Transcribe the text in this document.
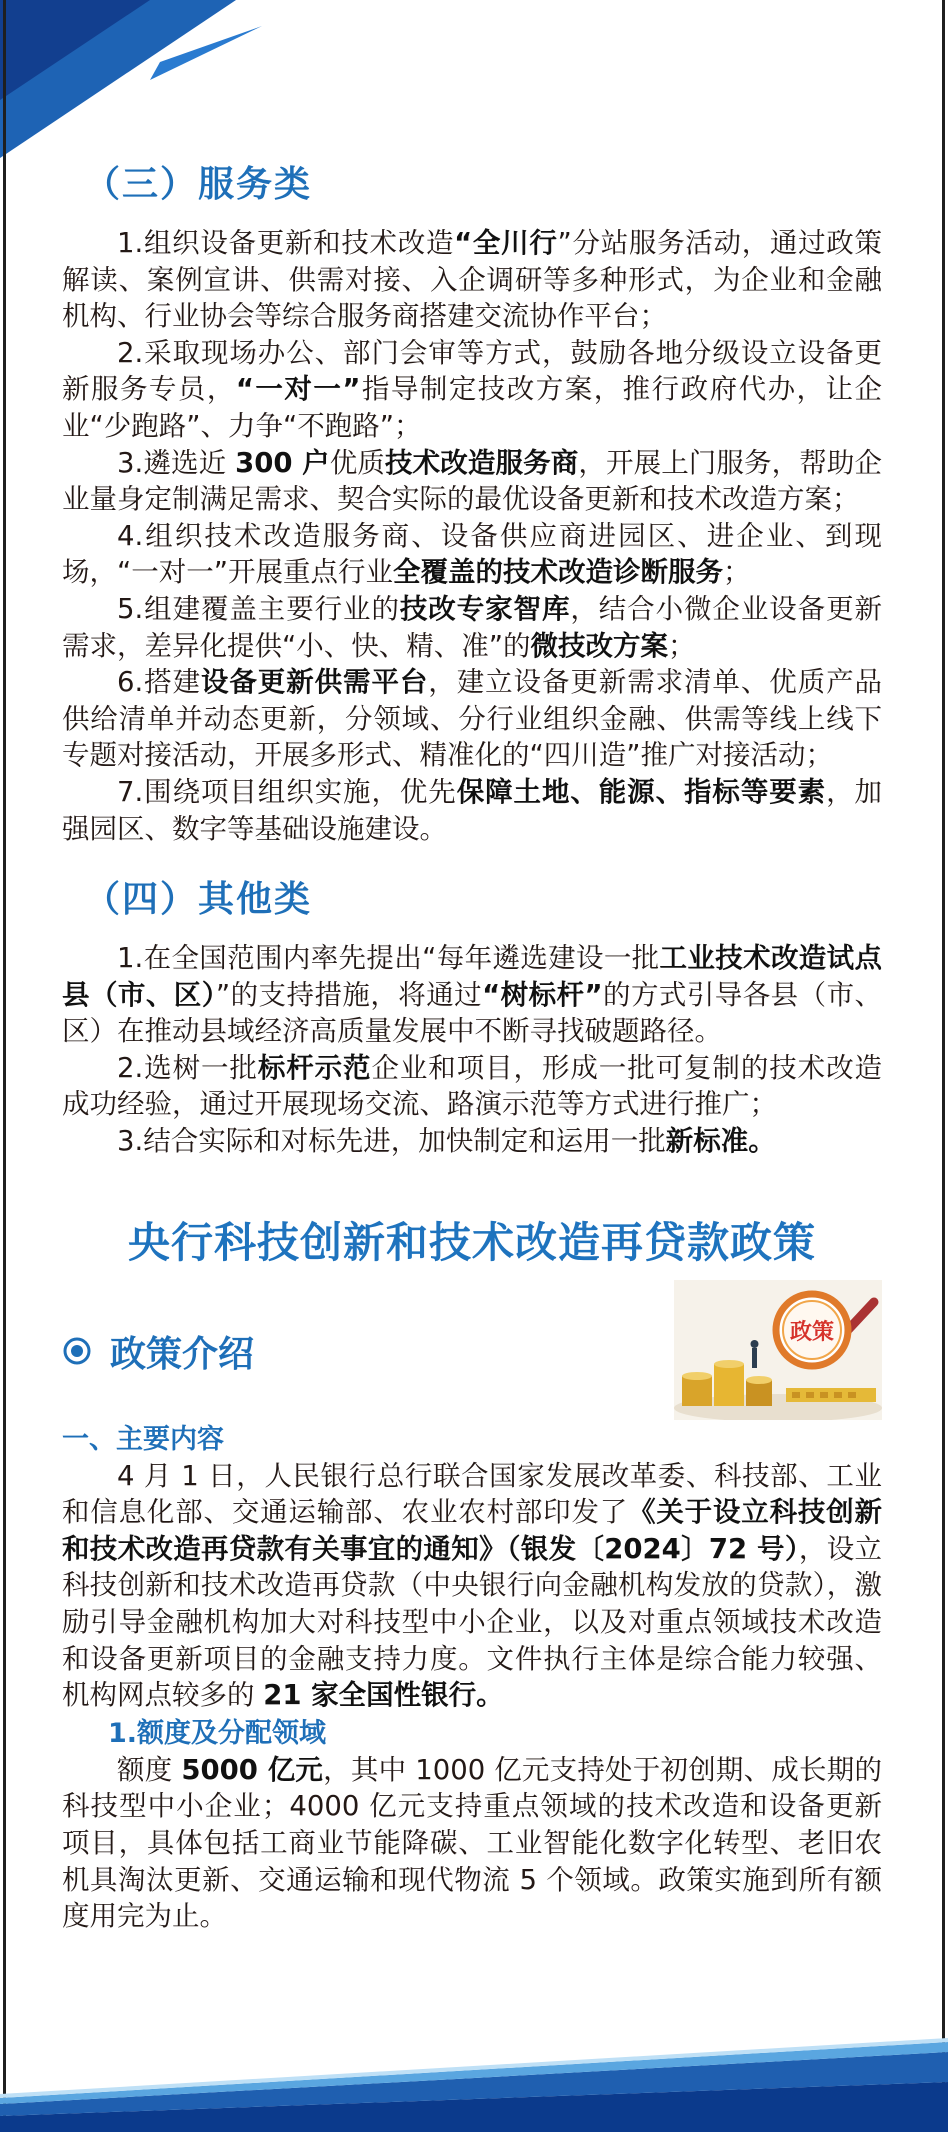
（三）服务类

1.组织设备更新和技术改造“全川行”分站服务活动，通过政策解读、案例宣讲、供需对接、入企调研等多种形式，为企业和金融机构、行业协会等综合服务商搭建交流协作平台；

2.采取现场办公、部门会审等方式，鼓励各地分级设立设备更新服务专员，“一对一”指导制定技改方案，推行政府代办，让企业“少跑路”、力争“不跑路”；

3.遴选近 300 户优质技术改造服务商，开展上门服务，帮助企业量身定制满足需求、契合实际的最优设备更新和技术改造方案；

4.组织技术改造服务商、设备供应商进园区、进企业、到现场，“一对一”开展重点行业全覆盖的技术改造诊断服务；

5.组建覆盖主要行业的技改专家智库，结合小微企业设备更新需求，差异化提供“小、快、精、准”的微技改方案；

6.搭建设备更新供需平台，建立设备更新需求清单、优质产品供给清单并动态更新，分领域、分行业组织金融、供需等线上线下专题对接活动，开展多形式、精准化的“四川造”推广对接活动；

7.围绕项目组织实施，优先保障土地、能源、指标等要素，加强园区、数字等基础设施建设。

（四）其他类

1.在全国范围内率先提出“每年遴选建设一批工业技术改造试点县（市、区）”的支持措施，将通过“树标杆”的方式引导各县（市、区）在推动县域经济高质量发展中不断寻找破题路径。

2.选树一批标杆示范企业和项目，形成一批可复制的技术改造成功经验，通过开展现场交流、路演示范等方式进行推广；

3.结合实际和对标先进，加快制定和运用一批新标准。

央行科技创新和技术改造再贷款政策
政策介绍
政策
一、主要内容

4 月 1 日，人民银行总行联合国家发展改革委、科技部、工业和信息化部、交通运输部、农业农村部印发了《关于设立科技创新和技术改造再贷款有关事宜的通知》（银发〔2024〕72 号），设立科技创新和技术改造再贷款（中央银行向金融机构发放的贷款），激励引导金融机构加大对科技型中小企业，以及对重点领域技术改造和设备更新项目的金融支持力度。文件执行主体是综合能力较强、机构网点较多的 21 家全国性银行。

1.额度及分配领域

额度 5000 亿元，其中 1000 亿元支持处于初创期、成长期的科技型中小企业；4000 亿元支持重点领域的技术改造和设备更新项目，具体包括工商业节能降碳、工业智能化数字化转型、老旧农机具淘汰更新、交通运输和现代物流 5 个领域。政策实施到所有额度用完为止。
